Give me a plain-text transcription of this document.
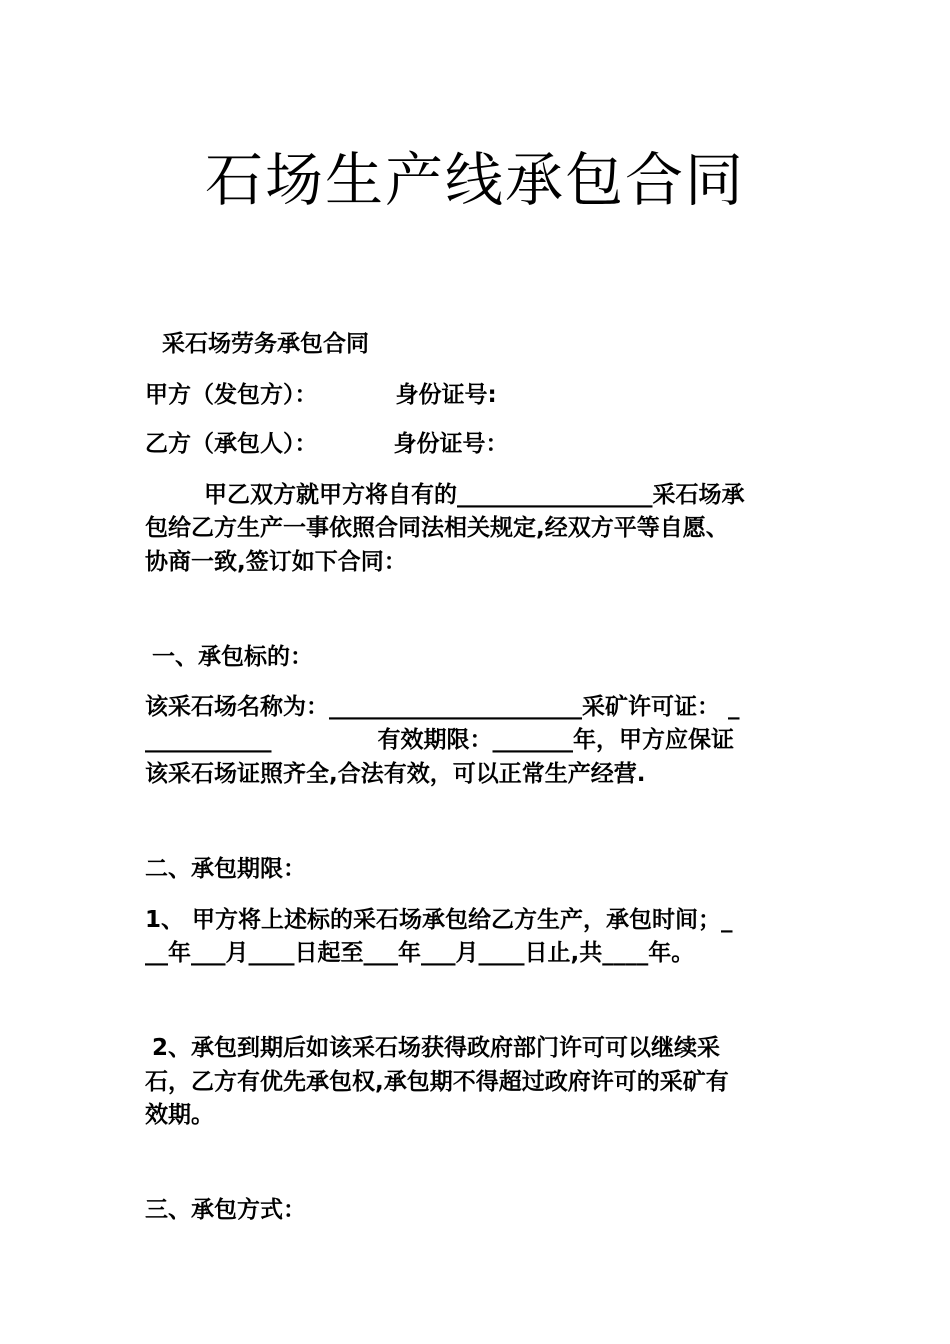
石场生产线承包合同
采石场劳务承包合同
甲方（发包方）：	身份证号:
乙方（承包人）：	身份证号：
甲乙双方就甲方将自有的_________________采石场承
包给乙方生产一事依照合同法相关规定,经双方平等自愿、
协商一致,签订如下合同：
一、承包标的：
该采石场名称为：______________________采矿许可证： _
___________	有效期限：_______年，甲方应保证
该采石场证照齐全,合法有效，可以正常生产经营.
二、承包期限：
1、 甲方将上述标的采石场承包给乙方生产，承包时间；_
__年___月____日起至___年___月____日止,共____年。
2、承包到期后如该采石场获得政府部门许可可以继续采
石，乙方有优先承包权,承包期不得超过政府许可的采矿有
效期。
三、承包方式：
